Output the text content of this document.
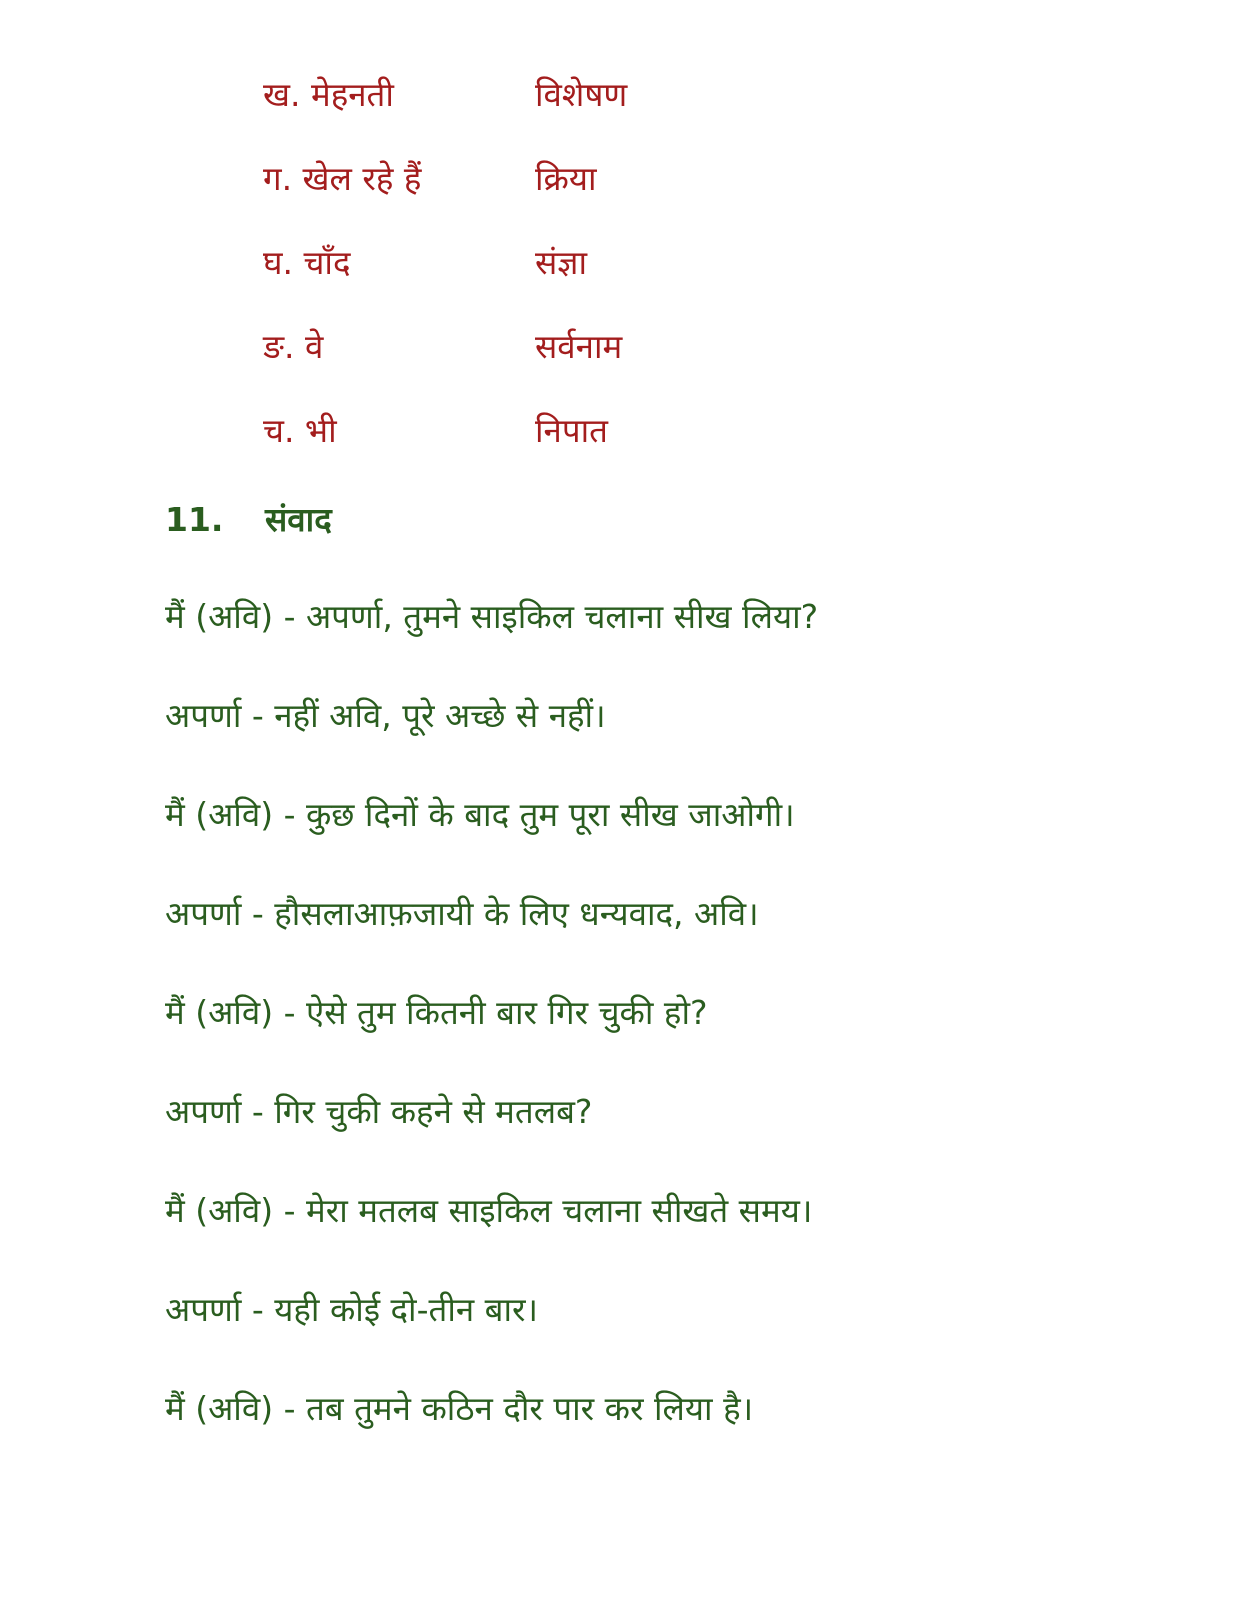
ख. मेहनती	विशेषण
ग. खेल रहे हैं	क्रिया
घ. चाँद	संज्ञा
ङ. वे	सर्वनाम
च. भी	निपात
11. संवाद
मैं (अवि) - अपर्णा, तुमने साइकिल चलाना सीख लिया?
अपर्णा - नहीं अवि, पूरे अच्छे से नहीं।
मैं (अवि) - कुछ दिनों के बाद तुम पूरा सीख जाओगी।
अपर्णा - हौसलाआफ़जायी के लिए धन्यवाद, अवि।
मैं (अवि) - ऐसे तुम कितनी बार गिर चुकी हो?
अपर्णा - गिर चुकी कहने से मतलब?
मैं (अवि) - मेरा मतलब साइकिल चलाना सीखते समय।
अपर्णा - यही कोई दो-तीन बार।
मैं (अवि) - तब तुमने कठिन दौर पार कर लिया है।
